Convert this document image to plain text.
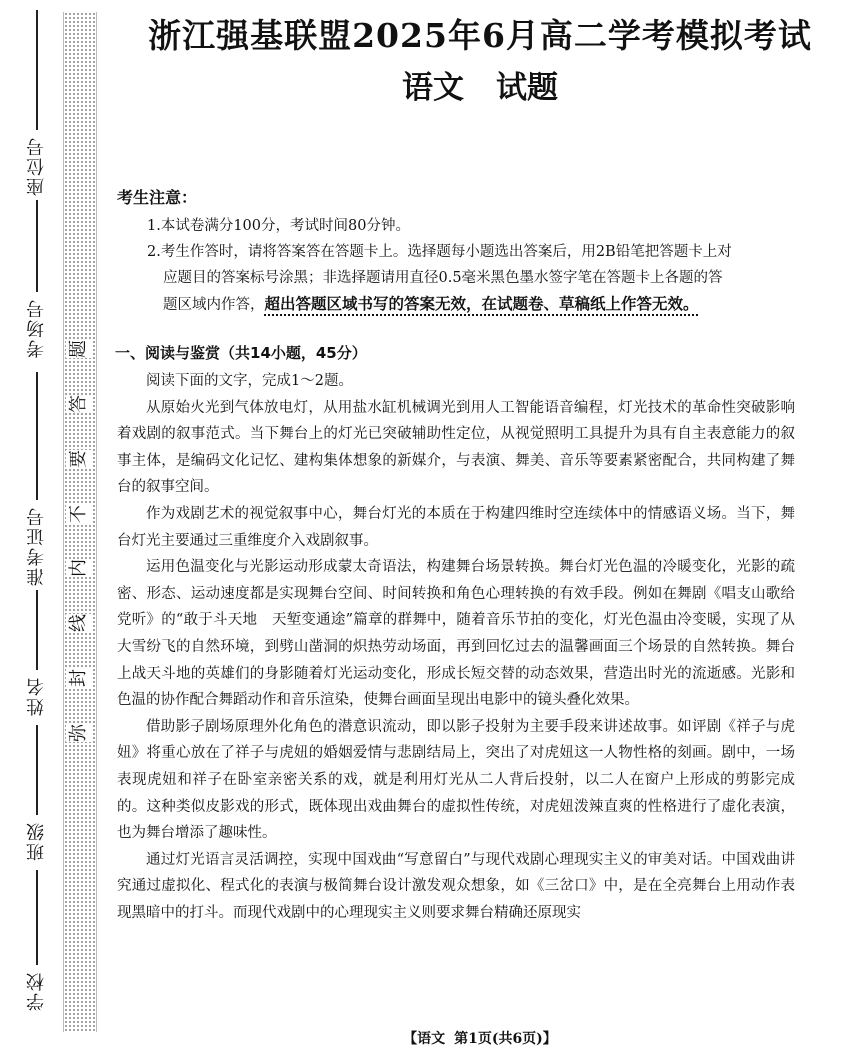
座位号
考场号
准考证号
姓名
班级
学校
题
答
要
不
内
线
封
弥
浙江强基联盟2025年6月高二学考模拟考试
语文 试题
考生注意：
1.本试卷满分100分，考试时间80分钟。
2.考生作答时，请将答案答在答题卡上。选择题每小题选出答案后，用2B铅笔把答题卡上对
应题目的答案标号涂黑；非选择题请用直径0.5毫米黑色墨水签字笔在答题卡上各题的答
题区域内作答，超出答题区域书写的答案无效，在试题卷、草稿纸上作答无效。
一、阅读与鉴赏（共14小题，45分）

阅读下面的文字，完成1～2题。

从原始火光到气体放电灯，从用盐水缸机械调光到用人工智能语音编程，灯光技术的革命性突破影响着戏剧的叙事范式。当下舞台上的灯光已突破辅助性定位，从视觉照明工具提升为具有自主表意能力的叙事主体，是编码文化记忆、建构集体想象的新媒介，与表演、舞美、音乐等要素紧密配合，共同构建了舞台的叙事空间。

作为戏剧艺术的视觉叙事中心，舞台灯光的本质在于构建四维时空连续体中的情感语义场。当下，舞台灯光主要通过三重维度介入戏剧叙事。

运用色温变化与光影运动形成蒙太奇语法，构建舞台场景转换。舞台灯光色温的冷暖变化，光影的疏密、形态、运动速度都是实现舞台空间、时间转换和角色心理转换的有效手段。例如在舞剧《唱支山歌给党听》的“敢于斗天地　天堑变通途”篇章的群舞中，随着音乐节拍的变化，灯光色温由冷变暖，实现了从大雪纷飞的自然环境，到劈山凿洞的炽热劳动场面，再到回忆过去的温馨画面三个场景的自然转换。舞台上战天斗地的英雄们的身影随着灯光运动变化，形成长短交替的动态效果，营造出时光的流逝感。光影和色温的协作配合舞蹈动作和音乐渲染，使舞台画面呈现出电影中的镜头叠化效果。

借助影子剧场原理外化角色的潜意识流动，即以影子投射为主要手段来讲述故事。如评剧《祥子与虎妞》将重心放在了祥子与虎妞的婚姻爱情与悲剧结局上，突出了对虎妞这一人物性格的刻画。剧中，一场表现虎妞和祥子在卧室亲密关系的戏，就是利用灯光从二人背后投射，以二人在窗户上形成的剪影完成的。这种类似皮影戏的形式，既体现出戏曲舞台的虚拟性传统，对虎妞泼辣直爽的性格进行了虚化表演，也为舞台增添了趣味性。

通过灯光语言灵活调控，实现中国戏曲“写意留白”与现代戏剧心理现实主义的审美对话。中国戏曲讲究通过虚拟化、程式化的表演与极简舞台设计激发观众想象，如《三岔口》中，是在全亮舞台上用动作表现黑暗中的打斗。而现代戏剧中的心理现实主义则要求舞台精确还原现实

【语文 第1页(共6页)】
